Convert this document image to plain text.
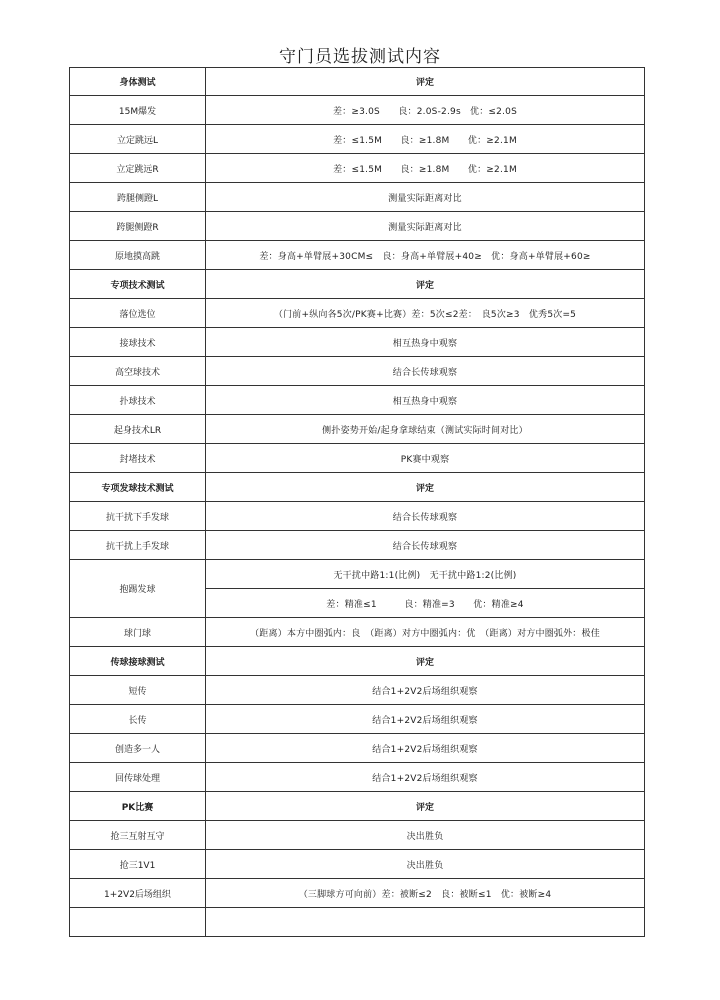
守门员选拔测试内容
身体测试	评定
15M爆发	差：≥3.0S　　良：2.0S-2.9s　优：≤2.0S
立定跳远L	差：≤1.5M　　良：≥1.8M　　优：≥2.1M
立定跳远R	差：≤1.5M　　良：≥1.8M　　优：≥2.1M
跨腿侧蹬L	测量实际距离对比
跨腿侧蹬R	测量实际距离对比
原地摸高跳	差：身高+单臂展+30CM≤　良：身高+单臂展+40≥　优：身高+单臂展+60≥
专项技术测试	评定
落位选位	（门前+纵向各5次/PK赛+比赛）差：5次≤2差：　良5次≥3　优秀5次=5
接球技术	相互热身中观察
高空球技术	结合长传球观察
扑球技术	相互热身中观察
起身技术LR	侧扑姿势开始/起身拿球结束（测试实际时间对比）
封堵技术	PK赛中观察
专项发球技术测试	评定
抗干扰下手发球	结合长传球观察
抗干扰上手发球	结合长传球观察
抱踢发球	无干扰中路1:1(比例)　无干扰中路1:2(比例)
	差：精准≤1　　　良：精准=3　　优：精准≥4
球门球	（距离）本方中圈弧内：良　（距离）对方中圈弧内：优　（距离）对方中圈弧外：极佳
传球接球测试	评定
短传	结合1+2V2后场组织观察
长传	结合1+2V2后场组织观察
创造多一人	结合1+2V2后场组织观察
回传球处理	结合1+2V2后场组织观察
PK比赛	评定
抢三互射互守	决出胜负
抢三1V1	决出胜负
1+2V2后场组织	（三脚球方可向前）差：被断≤2　良：被断≤1　优：被断≥4
